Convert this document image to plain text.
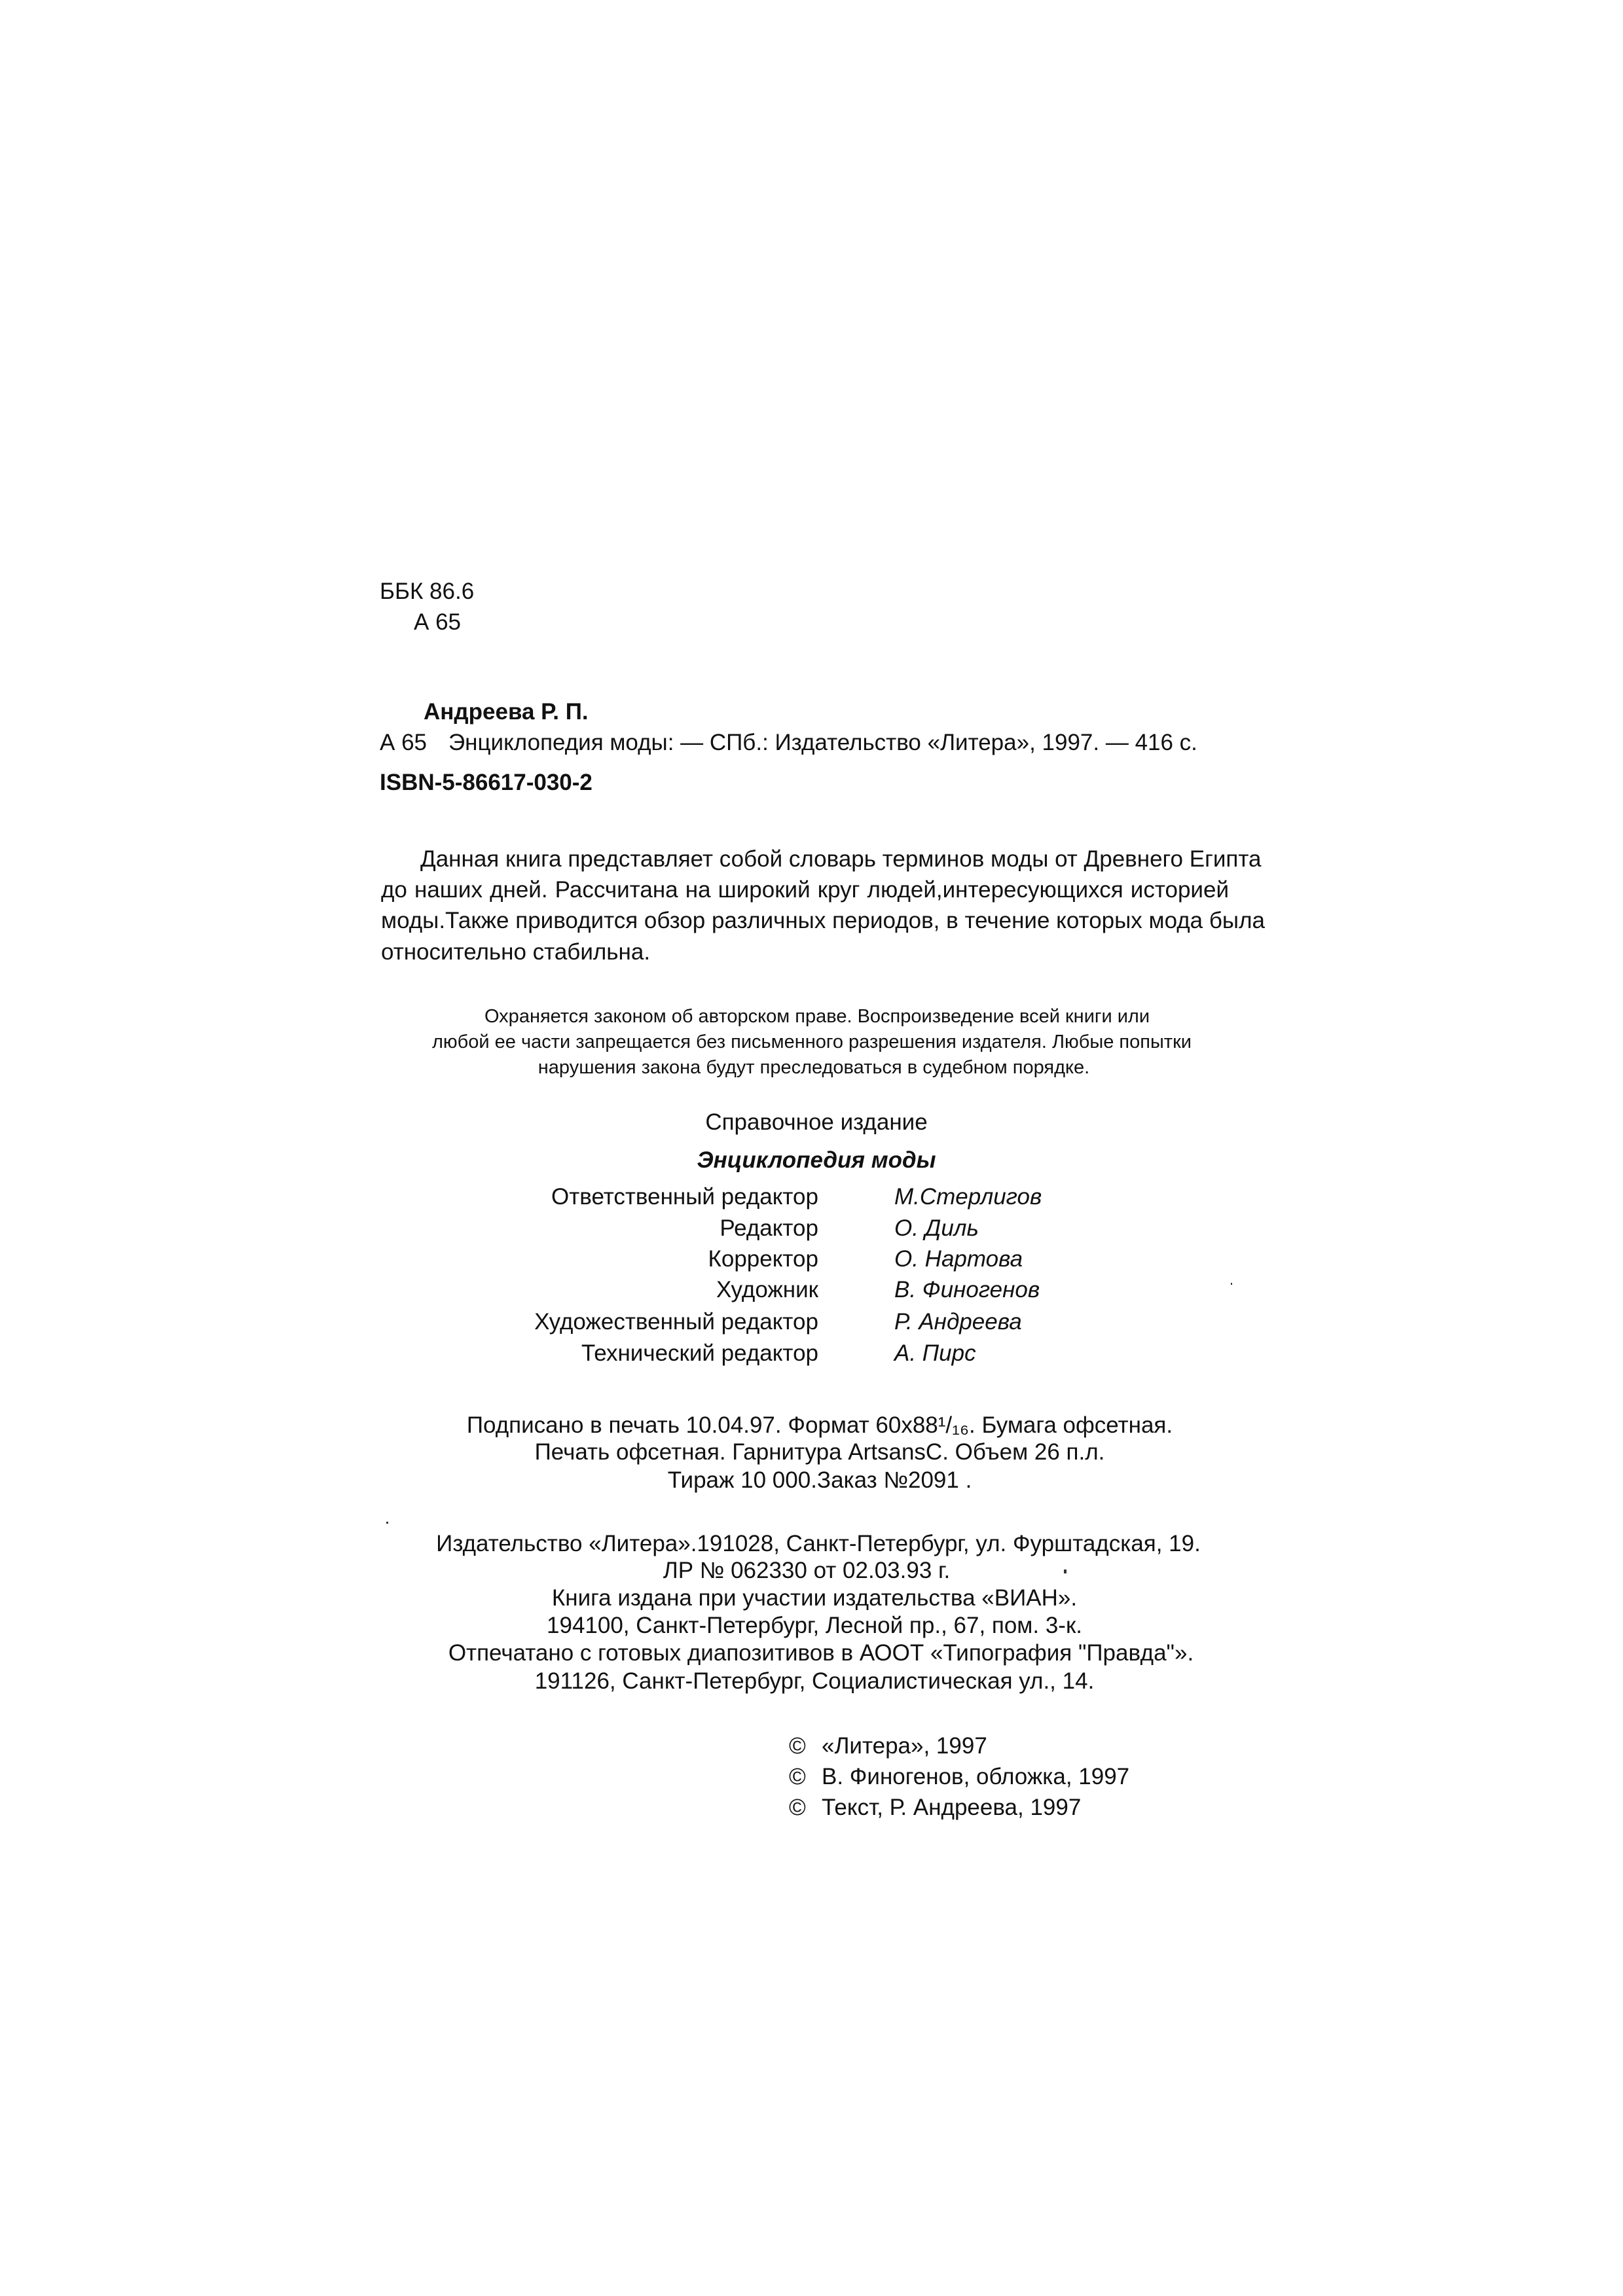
ББК 86.6
А 65
Андреева Р. П.
А 65 Энциклопедия моды: — СПб.: Издательство «Литера», 1997. — 416 с.
ISBN-5-86617-030-2
Данная книга представляет собой словарь терминов моды от Древнего Египта
до наших дней. Рассчитана на широкий круг людей,интересующихся историей
моды.Также приводится обзор различных периодов, в течение которых мода была
относительно стабильна.
Охраняется законом об авторском праве. Воспроизведение всей книги или
любой ее части запрещается без письменного разрешения издателя. Любые попытки
нарушения закона будут преследоваться в судебном порядке.
Справочное издание
Энциклопедия моды
Ответственный редактор	М.Стерлигов
Редактор	О. Диль
Корректор	О. Нартова
Художник	В. Финогенов
Художественный редактор	Р. Андреева
Технический редактор	А. Пирс
Подписано в печать 10.04.97. Формат 60x88¹/₁₆. Бумага офсетная.
Печать офсетная. Гарнитура ArtsansC. Объем 26 п.л.
Тираж 10 000.Заказ №2091 .
Издательство «Литера».191028, Санкт-Петербург, ул. Фурштадская, 19.
ЛР № 062330 от 02.03.93 г.
Книга издана при участии издательства «ВИАН».
194100, Санкт-Петербург, Лесной пр., 67, пом. 3-к.
Отпечатано с готовых диапозитивов в АООТ «Типография "Правда"».
191126, Санкт-Петербург, Социалистическая ул., 14.
© «Литера», 1997
© В. Финогенов, обложка, 1997
© Текст, Р. Андреева, 1997
